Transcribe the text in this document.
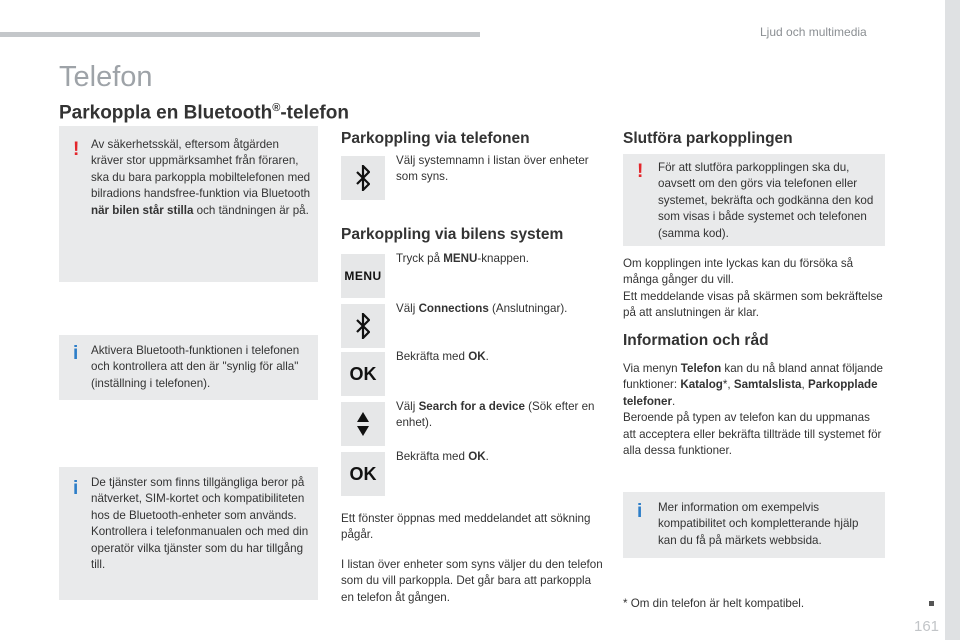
Ljud och multimedia
161
Telefon
Parkoppla en Bluetooth®-telefon
! Av säkerhetsskäl, eftersom åtgärden kräver stor uppmärksamhet från föraren, ska du bara parkoppla mobiltelefonen med bilradions handsfree-funktion via Bluetooth när bilen står stilla och tändningen är på.
i Aktivera Bluetooth-funktionen i telefonen och kontrollera att den är "synlig för alla" (inställning i telefonen).
i De tjänster som finns tillgängliga beror på nätverket, SIM-kortet och kompatibiliteten hos de Bluetooth-enheter som används.
Kontrollera i telefonmanualen och med din operatör vilka tjänster som du har tillgång till.
Parkoppling via telefonen
Välj systemnamn i listan över enheter som syns.
Parkoppling via bilens system
MENU
Tryck på MENU-knappen.
Välj Connections (Anslutningar).
OK
Bekräfta med OK.
Välj Search for a device (Sök efter en enhet).
OK
Bekräfta med OK.
Ett fönster öppnas med meddelandet att sökning pågår.
I listan över enheter som syns väljer du den telefon som du vill parkoppla. Det går bara att parkoppla en telefon åt gången.
Slutföra parkopplingen
! För att slutföra parkopplingen ska du, oavsett om den görs via telefonen eller systemet, bekräfta och godkänna den kod som visas i både systemet och telefonen (samma kod).
Om kopplingen inte lyckas kan du försöka så många gånger du vill.
Ett meddelande visas på skärmen som bekräftelse på att anslutningen är klar.
Information och råd
Via menyn Telefon kan du nå bland annat följande funktioner: Katalog*, Samtalslista, Parkopplade telefoner.
Beroende på typen av telefon kan du uppmanas att acceptera eller bekräfta tillträde till systemet för alla dessa funktioner.
i Mer information om exempelvis kompatibilitet och kompletterande hjälp kan du få på märkets webbsida.
* Om din telefon är helt kompatibel.
